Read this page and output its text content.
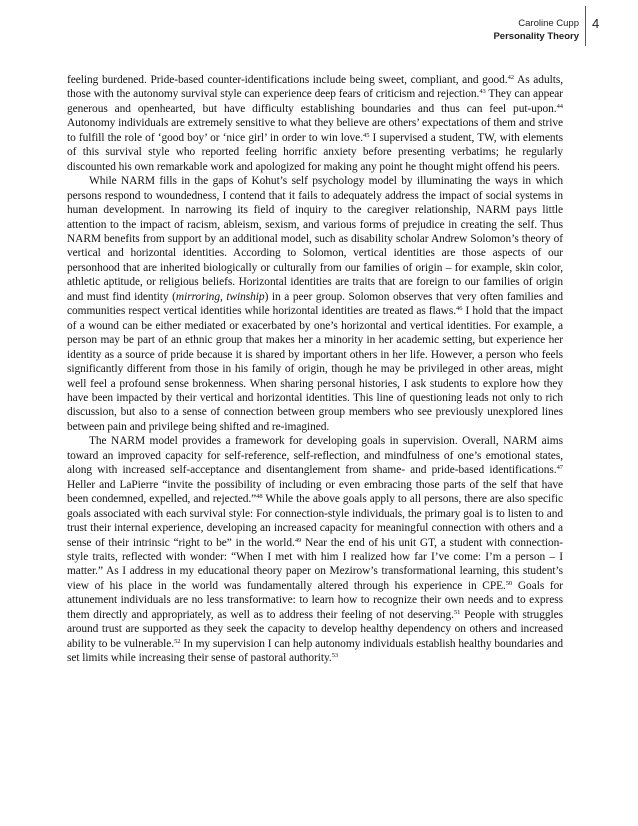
Caroline Cupp
Personality Theory
4

feeling burdened. Pride-based counter-identifications include being sweet, compliant, and good.$^{42}$ As adults, those with the autonomy survival style can experience deep fears of criticism and rejection.$^{43}$ They can appear generous and openhearted, but have difficulty establishing boundaries and thus can feel put-upon.$^{44}$ Autonomy individuals are extremely sensitive to what they believe are others’ expectations of them and strive to fulfill the role of ‘good boy’ or ‘nice girl’ in order to win love.$^{45}$ I supervised a student, TW, with elements of this survival style who reported feeling horrific anxiety before presenting verbatims; he regularly discounted his own remarkable work and apologized for making any point he thought might offend his peers.

While NARM fills in the gaps of Kohut’s self psychology model by illuminating the ways in which persons respond to woundedness, I contend that it fails to adequately address the impact of social systems in human development. In narrowing its field of inquiry to the caregiver relationship, NARM pays little attention to the impact of racism, ableism, sexism, and various forms of prejudice in creating the self. Thus NARM benefits from support by an additional model, such as disability scholar Andrew Solomon’s theory of vertical and horizontal identities. According to Solomon, vertical identities are those aspects of our personhood that are inherited biologically or culturally from our families of origin – for example, skin color, athletic aptitude, or religious beliefs. Horizontal identities are traits that are foreign to our families of origin and must find identity (mirroring, twinship) in a peer group. Solomon observes that very often families and communities respect vertical identities while horizontal identities are treated as flaws.$^{46}$ I hold that the impact of a wound can be either mediated or exacerbated by one’s horizontal and vertical identities. For example, a person may be part of an ethnic group that makes her a minority in her academic setting, but experience her identity as a source of pride because it is shared by important others in her life. However, a person who feels significantly different from those in his family of origin, though he may be privileged in other areas, might well feel a profound sense brokenness. When sharing personal histories, I ask students to explore how they have been impacted by their vertical and horizontal identities. This line of questioning leads not only to rich discussion, but also to a sense of connection between group members who see previously unexplored lines between pain and privilege being shifted and re-imagined.

The NARM model provides a framework for developing goals in supervision. Overall, NARM aims toward an improved capacity for self-reference, self-reflection, and mindfulness of one’s emotional states, along with increased self-acceptance and disentanglement from shame- and pride-based identifications.$^{47}$ Heller and LaPierre “invite the possibility of including or even embracing those parts of the self that have been condemned, expelled, and rejected.”$^{48}$ While the above goals apply to all persons, there are also specific goals associated with each survival style: For connection-style individuals, the primary goal is to listen to and trust their internal experience, developing an increased capacity for meaningful connection with others and a sense of their intrinsic “right to be” in the world.$^{49}$ Near the end of his unit GT, a student with connection-style traits, reflected with wonder: “When I met with him I realized how far I’ve come: I’m a person – I matter.” As I address in my educational theory paper on Mezirow’s transformational learning, this student’s view of his place in the world was fundamentally altered through his experience in CPE.$^{50}$ Goals for attunement individuals are no less transformative: to learn how to recognize their own needs and to express them directly and appropriately, as well as to address their feeling of not deserving.$^{51}$ People with struggles around trust are supported as they seek the capacity to develop healthy dependency on others and increased ability to be vulnerable.$^{52}$ In my supervision I can help autonomy individuals establish healthy boundaries and set limits while increasing their sense of pastoral authority.$^{53}$
